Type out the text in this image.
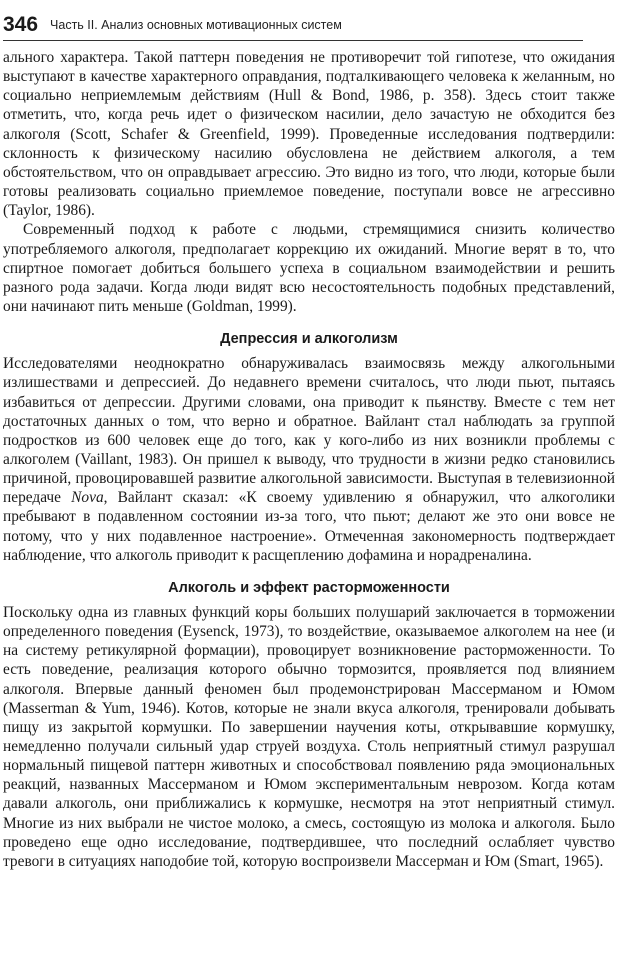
346 Часть II. Анализ основных мотивационных систем

ального характера. Такой паттерн поведения не противоречит той гипотезе, что ожидания выступают в качестве характерного оправдания, подталкивающего человека к желанным, но социально неприемлемым действиям (Hull & Bond, 1986, p. 358). Здесь стоит также отметить, что, когда речь идет о физическом насилии, дело зачастую не обходится без алкоголя (Scott, Schafer & Greenfield, 1999). Проведенные исследования подтвердили: склонность к физическому насилию обусловлена не действием алкоголя, а тем обстоятельством, что он оправдывает агрессию. Это видно из того, что люди, которые были готовы реализовать социально приемлемое поведение, поступали вовсе не агрессивно (Taylor, 1986).

Современный подход к работе с людьми, стремящимися снизить количество употребляемого алкоголя, предполагает коррекцию их ожиданий. Многие верят в то, что спиртное помогает добиться большего успеха в социальном взаимодействии и решить разного рода задачи. Когда люди видят всю несостоятельность подобных представлений, они начинают пить меньше (Goldman, 1999).

Депрессия и алкоголизм

Исследователями неоднократно обнаруживалась взаимосвязь между алкогольными излишествами и депрессией. До недавнего времени считалось, что люди пьют, пытаясь избавиться от депрессии. Другими словами, она приводит к пьянству. Вместе с тем нет достаточных данных о том, что верно и обратное. Вайлант стал наблюдать за группой подростков из 600 человек еще до того, как у кого-либо из них возникли проблемы с алкоголем (Vaillant, 1983). Он пришел к выводу, что трудности в жизни редко становились причиной, провоцировавшей развитие алкогольной зависимости. Выступая в телевизионной передаче Nova, Вайлант сказал: «К своему удивлению я обнаружил, что алкоголики пребывают в подавленном состоянии из-за того, что пьют; делают же это они вовсе не потому, что у них подавленное настроение». Отмеченная закономерность подтверждает наблюдение, что алкоголь приводит к расщеплению дофамина и норадреналина.

Алкоголь и эффект расторможенности

Поскольку одна из главных функций коры больших полушарий заключается в торможении определенного поведения (Eysenck, 1973), то воздействие, оказываемое алкоголем на нее (и на систему ретикулярной формации), провоцирует возникновение расторможенности. То есть поведение, реализация которого обычно тормозится, проявляется под влиянием алкоголя. Впервые данный феномен был продемонстрирован Массерманом и Юмом (Masserman & Yum, 1946). Котов, которые не знали вкуса алкоголя, тренировали добывать пищу из закрытой кормушки. По завершении научения коты, открывавшие кормушку, немедленно получали сильный удар струей воздуха. Столь неприятный стимул разрушал нормальный пищевой паттерн животных и способствовал появлению ряда эмоциональных реакций, названных Массерманом и Юмом экспериментальным неврозом. Когда котам давали алкоголь, они приближались к кормушке, несмотря на этот неприятный стимул. Многие из них выбрали не чистое молоко, а смесь, состоящую из молока и алкоголя. Было проведено еще одно исследование, подтвердившее, что последний ослабляет чувство тревоги в ситуациях наподобие той, которую воспроизвели Массерман и Юм (Smart, 1965).
